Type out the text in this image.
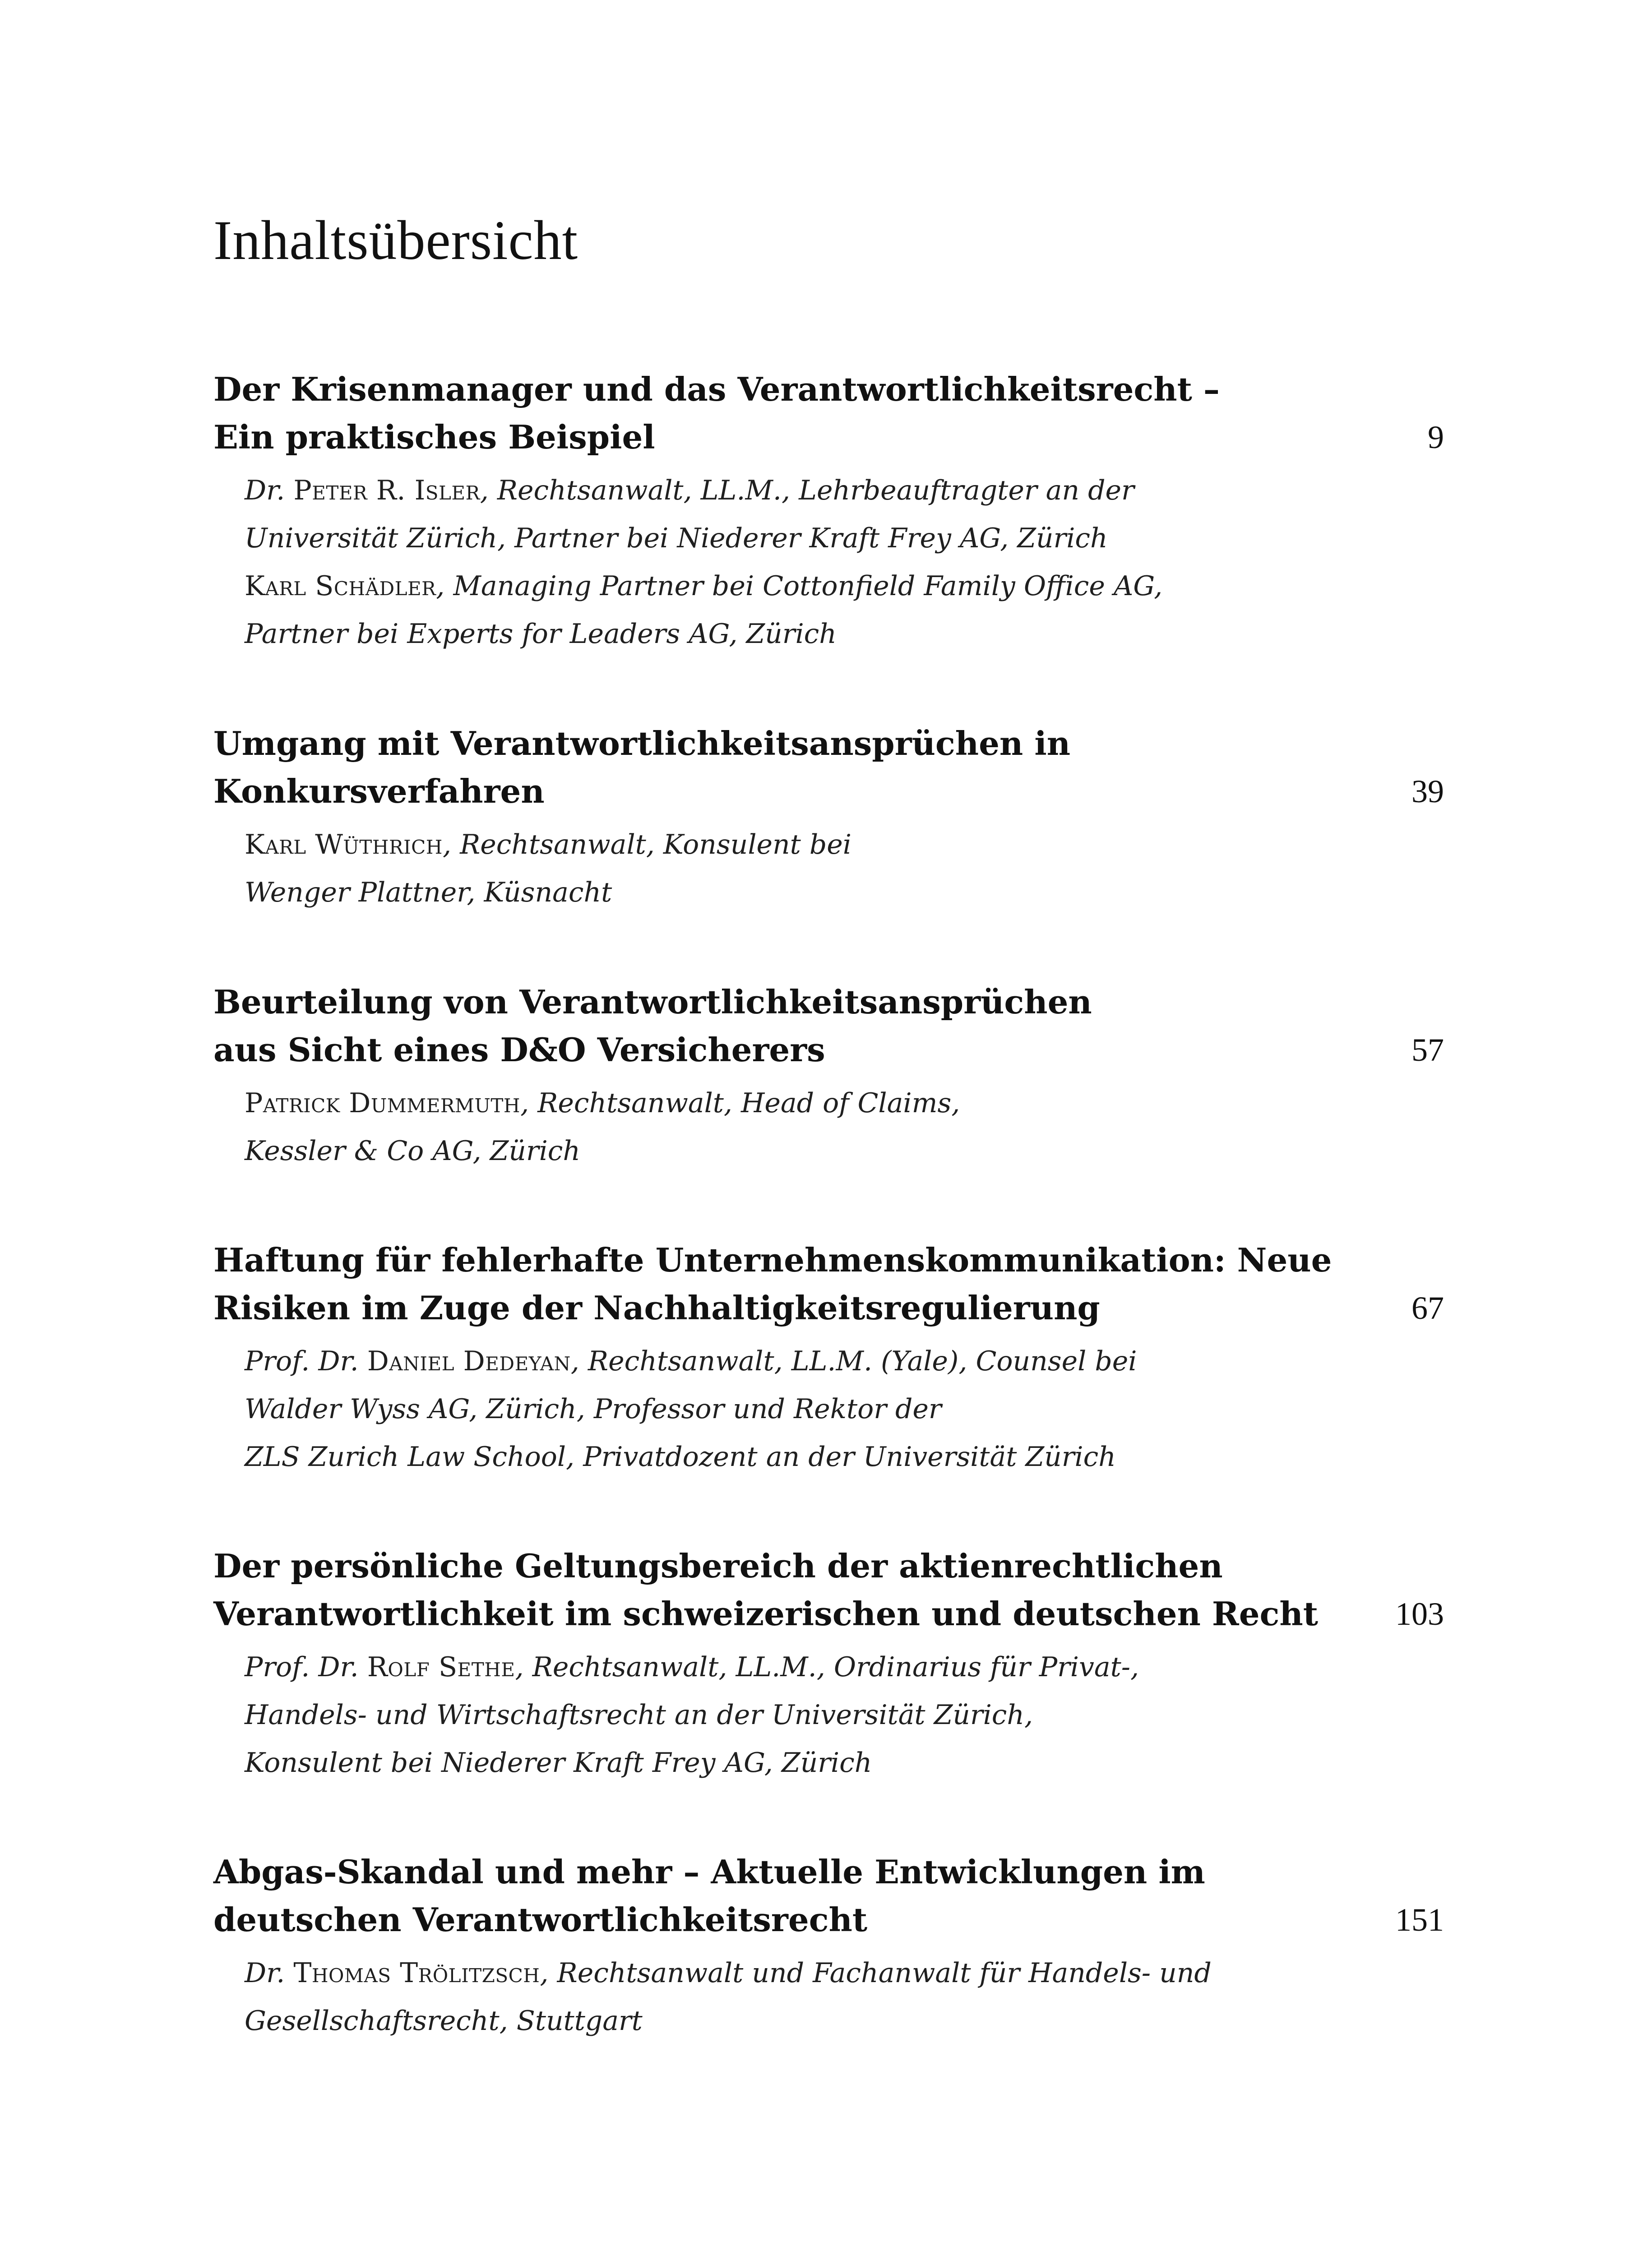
Inhaltsübersicht
Der Krisenmanager und das Verantwortlichkeitsrecht –
Ein praktisches Beispiel	9
Dr. Peter R. Isler, Rechtsanwalt, LL.M., Lehrbeauftragter an der
Universität Zürich, Partner bei Niederer Kraft Frey AG, Zürich
Karl Schädler, Managing Partner bei Cottonfield Family Office AG,
Partner bei Experts for Leaders AG, Zürich
Umgang mit Verantwortlichkeitsansprüchen in
Konkursverfahren	39
Karl Wüthrich, Rechtsanwalt, Konsulent bei
Wenger Plattner, Küsnacht
Beurteilung von Verantwortlichkeitsansprüchen
aus Sicht eines D&O Versicherers	57
Patrick Dummermuth, Rechtsanwalt, Head of Claims,
Kessler & Co AG, Zürich
Haftung für fehlerhafte Unternehmenskommunikation: Neue
Risiken im Zuge der Nachhaltigkeitsregulierung	67
Prof. Dr. Daniel Dedeyan, Rechtsanwalt, LL.M. (Yale), Counsel bei
Walder Wyss AG, Zürich, Professor und Rektor der
ZLS Zurich Law School, Privatdozent an der Universität Zürich
Der persönliche Geltungsbereich der aktienrechtlichen
Verantwortlichkeit im schweizerischen und deutschen Recht	103
Prof. Dr. Rolf Sethe, Rechtsanwalt, LL.M., Ordinarius für Privat-,
Handels- und Wirtschaftsrecht an der Universität Zürich,
Konsulent bei Niederer Kraft Frey AG, Zürich
Abgas-Skandal und mehr – Aktuelle Entwicklungen im
deutschen Verantwortlichkeitsrecht	151
Dr. Thomas Trölitzsch, Rechtsanwalt und Fachanwalt für Handels- und
Gesellschaftsrecht, Stuttgart
